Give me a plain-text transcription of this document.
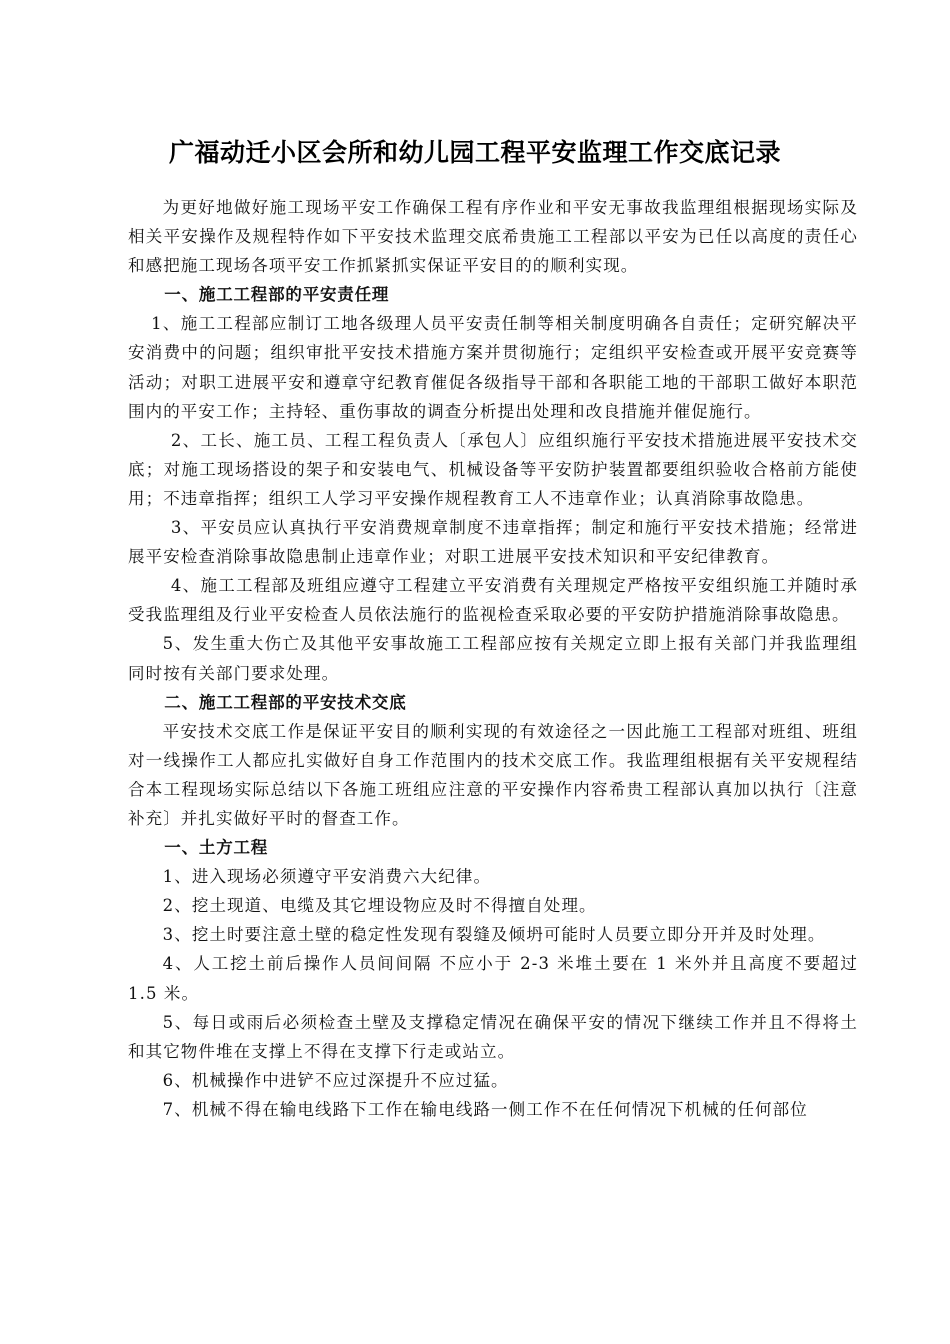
广福动迁小区会所和幼儿园工程平安监理工作交底记录

为更好地做好施工现场平安工作确保工程有序作业和平安无事故我监理组根据现场实际及相关平安操作及规程特作如下平安技术监理交底希贵施工工程部以平安为已任以高度的责任心和感把施工现场各项平安工作抓紧抓实保证平安目的的顺利实现。

一、施工工程部的平安责任理

1、施工工程部应制订工地各级理人员平安责任制等相关制度明确各自责任；定研究解决平安消费中的问题；组织审批平安技术措施方案并贯彻施行；定组织平安检查或开展平安竞赛等活动；对职工进展平安和遵章守纪教育催促各级指导干部和各职能工地的干部职工做好本职范围内的平安工作；主持轻、重伤事故的调查分析提出处理和改良措施并催促施行。

2、工长、施工员、工程工程负责人〔承包人〕应组织施行平安技术措施进展平安技术交底；对施工现场搭设的架子和安装电气、机械设备等平安防护装置都要组织验收合格前方能使用；不违章指挥；组织工人学习平安操作规程教育工人不违章作业；认真消除事故隐患。

3、平安员应认真执行平安消费规章制度不违章指挥；制定和施行平安技术措施；经常进展平安检查消除事故隐患制止违章作业；对职工进展平安技术知识和平安纪律教育。

4、施工工程部及班组应遵守工程建立平安消费有关理规定严格按平安组织施工并随时承受我监理组及行业平安检查人员依法施行的监视检查采取必要的平安防护措施消除事故隐患。

5、发生重大伤亡及其他平安事故施工工程部应按有关规定立即上报有关部门并我监理组同时按有关部门要求处理。

二、施工工程部的平安技术交底

平安技术交底工作是保证平安目的顺利实现的有效途径之一因此施工工程部对班组、班组对一线操作工人都应扎实做好自身工作范围内的技术交底工作。我监理组根据有关平安规程结合本工程现场实际总结以下各施工班组应注意的平安操作内容希贵工程部认真加以执行〔注意补充〕并扎实做好平时的督查工作。

一、土方工程

1、进入现场必须遵守平安消费六大纪律。

2、挖土现道、电缆及其它埋设物应及时不得擅自处理。

3、挖土时要注意土壁的稳定性发现有裂缝及倾坍可能时人员要立即分开并及时处理。

4、人工挖土前后操作人员间间隔 不应小于 2-3 米堆土要在 1 米外并且高度不要超过 1.5 米。

5、每日或雨后必须检查土壁及支撑稳定情况在确保平安的情况下继续工作并且不得将土和其它物件堆在支撑上不得在支撑下行走或站立。

6、机械操作中进铲不应过深提升不应过猛。

7、机械不得在输电线路下工作在输电线路一侧工作不在任何情况下机械的任何部位
